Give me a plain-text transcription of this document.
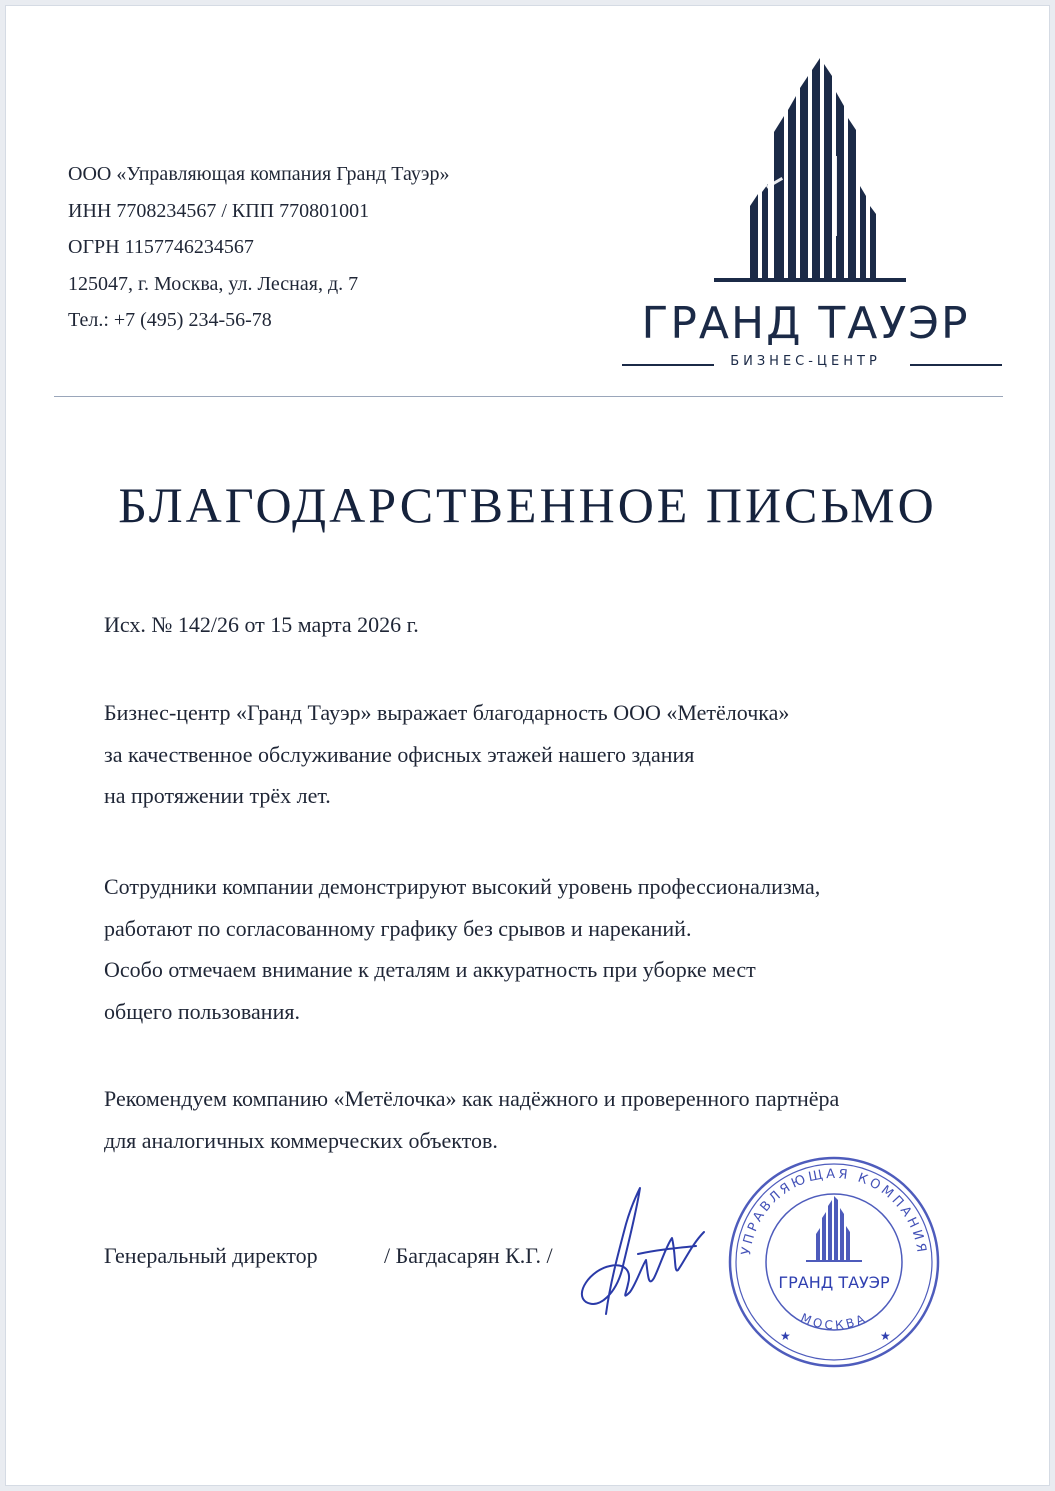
ООО «Управляющая компания Гранд Тауэр»
ИНН 7708234567 / КПП 770801001
ОГРН 1157746234567
125047, г. Москва, ул. Лесная, д. 7
Тел.: +7 (495) 234-56-78	ГРАНД ТАУЭР
БИЗНЕС-ЦЕНТР
БЛАГОДАРСТВЕННОЕ ПИСЬМО
Исх. № 142/26 от 15 марта 2026 г.
Бизнес-центр «Гранд Тауэр» выражает благодарность ООО «Метёлочка»
за качественное обслуживание офисных этажей нашего здания
на протяжении трёх лет.
Сотрудники компании демонстрируют высокий уровень профессионализма,
работают по согласованному графику без срывов и нареканий.
Особо отмечаем внимание к деталям и аккуратность при уборке мест
общего пользования.
Рекомендуем компанию «Метёлочка» как надёжного и проверенного партнёра
для аналогичных коммерческих объектов.
Генеральный директор	/ Багдасарян К.Г. /	УПРАВЛЯЮЩАЯ КОМПАНИЯ
МОСКВА
★	★
ГРАНД ТАУЭР
